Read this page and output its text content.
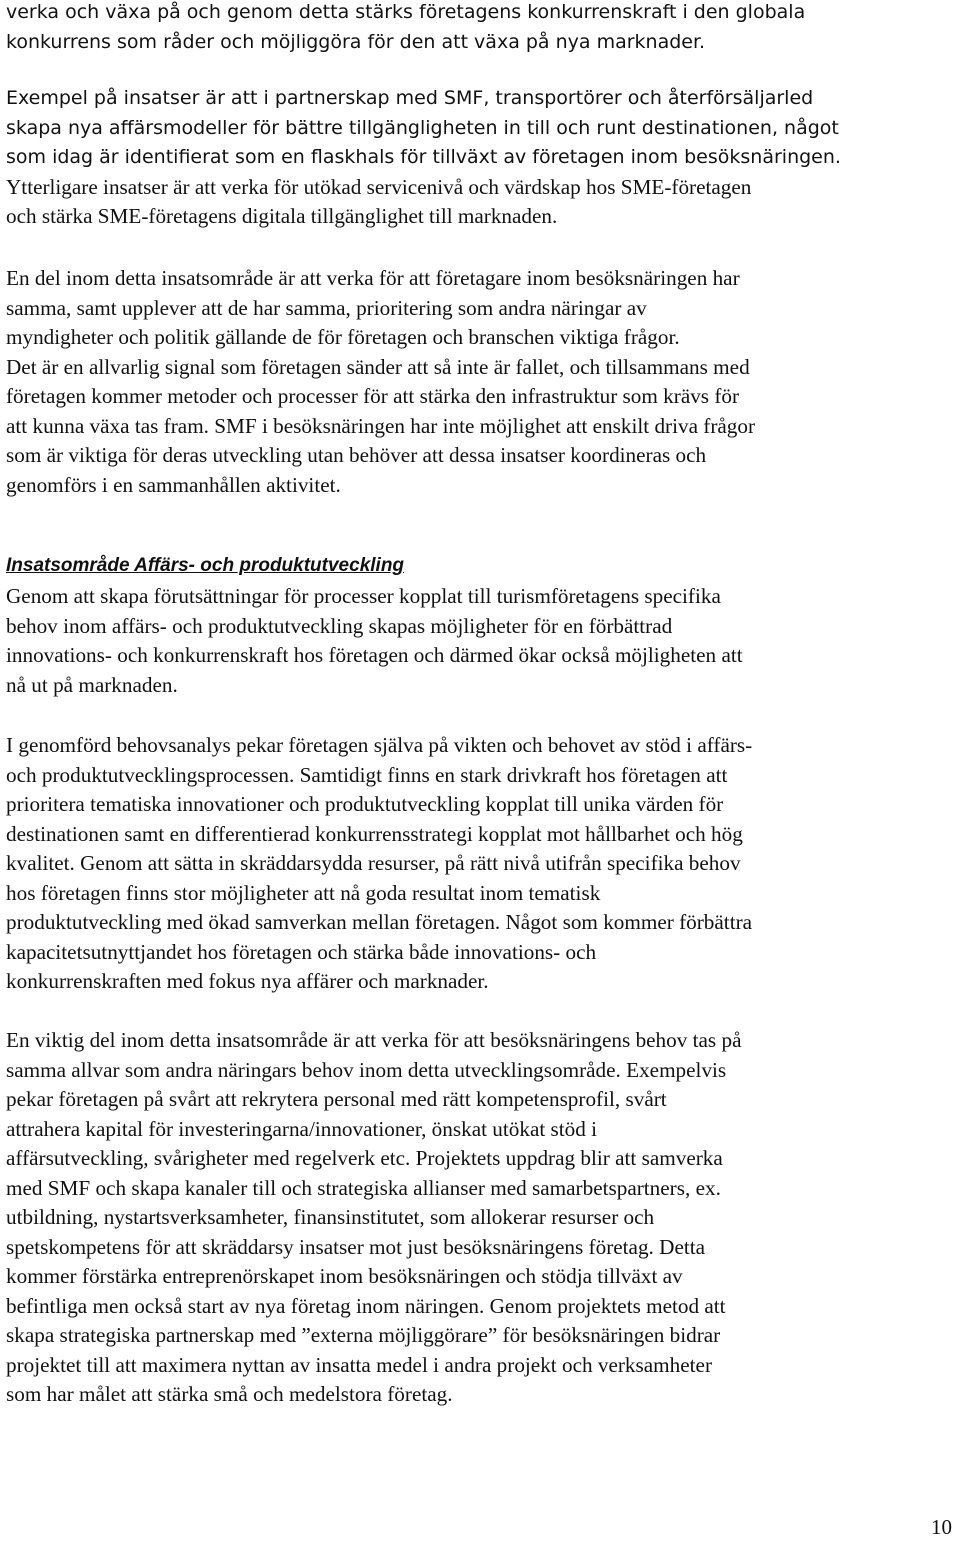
verka och växa på och genom detta stärks företagens konkurrenskraft i den globala
konkurrens som råder och möjliggöra för den att växa på nya marknader.
Exempel på insatser är att i partnerskap med SMF, transportörer och återförsäljarled
skapa nya affärsmodeller för bättre tillgängligheten in till och runt destinationen, något
som idag är identifierat som en flaskhals för tillväxt av företagen inom besöksnäringen.
Ytterligare insatser är att verka för utökad servicenivå och värdskap hos SME-företagen
och stärka SME-företagens digitala tillgänglighet till marknaden.
En del inom detta insatsområde är att verka för att företagare inom besöksnäringen har
samma, samt upplever att de har samma, prioritering som andra näringar av
myndigheter och politik gällande de för företagen och branschen viktiga frågor.
Det är en allvarlig signal som företagen sänder att så inte är fallet, och tillsammans med
företagen kommer metoder och processer för att stärka den infrastruktur som krävs för
att kunna växa tas fram. SMF i besöksnäringen har inte möjlighet att enskilt driva frågor
som är viktiga för deras utveckling utan behöver att dessa insatser koordineras och
genomförs i en sammanhållen aktivitet.
Insatsområde Affärs- och produktutveckling
Genom att skapa förutsättningar för processer kopplat till turismföretagens specifika
behov inom affärs- och produktutveckling skapas möjligheter för en förbättrad
innovations- och konkurrenskraft hos företagen och därmed ökar också möjligheten att
nå ut på marknaden.
I genomförd behovsanalys pekar företagen själva på vikten och behovet av stöd i affärs-
och produktutvecklingsprocessen. Samtidigt finns en stark drivkraft hos företagen att
prioritera tematiska innovationer och produktutveckling kopplat till unika värden för
destinationen samt en differentierad konkurrensstrategi kopplat mot hållbarhet och hög
kvalitet. Genom att sätta in skräddarsydda resurser, på rätt nivå utifrån specifika behov
hos företagen finns stor möjligheter att nå goda resultat inom tematisk
produktutveckling med ökad samverkan mellan företagen. Något som kommer förbättra
kapacitetsutnyttjandet hos företagen och stärka både innovations- och
konkurrenskraften med fokus nya affärer och marknader.
En viktig del inom detta insatsområde är att verka för att besöksnäringens behov tas på
samma allvar som andra näringars behov inom detta utvecklingsområde. Exempelvis
pekar företagen på svårt att rekrytera personal med rätt kompetensprofil, svårt
attrahera kapital för investeringarna/innovationer, önskat utökat stöd i
affärsutveckling, svårigheter med regelverk etc. Projektets uppdrag blir att samverka
med SMF och skapa kanaler till och strategiska allianser med samarbetspartners, ex.
utbildning, nystartsverksamheter, finansinstitutet, som allokerar resurser och
spetskompetens för att skräddarsy insatser mot just besöksnäringens företag. Detta
kommer förstärka entreprenörskapet inom besöksnäringen och stödja tillväxt av
befintliga men också start av nya företag inom näringen. Genom projektets metod att
skapa strategiska partnerskap med ”externa möjliggörare” för besöksnäringen bidrar
projektet till att maximera nyttan av insatta medel i andra projekt och verksamheter
som har målet att stärka små och medelstora företag.
10
